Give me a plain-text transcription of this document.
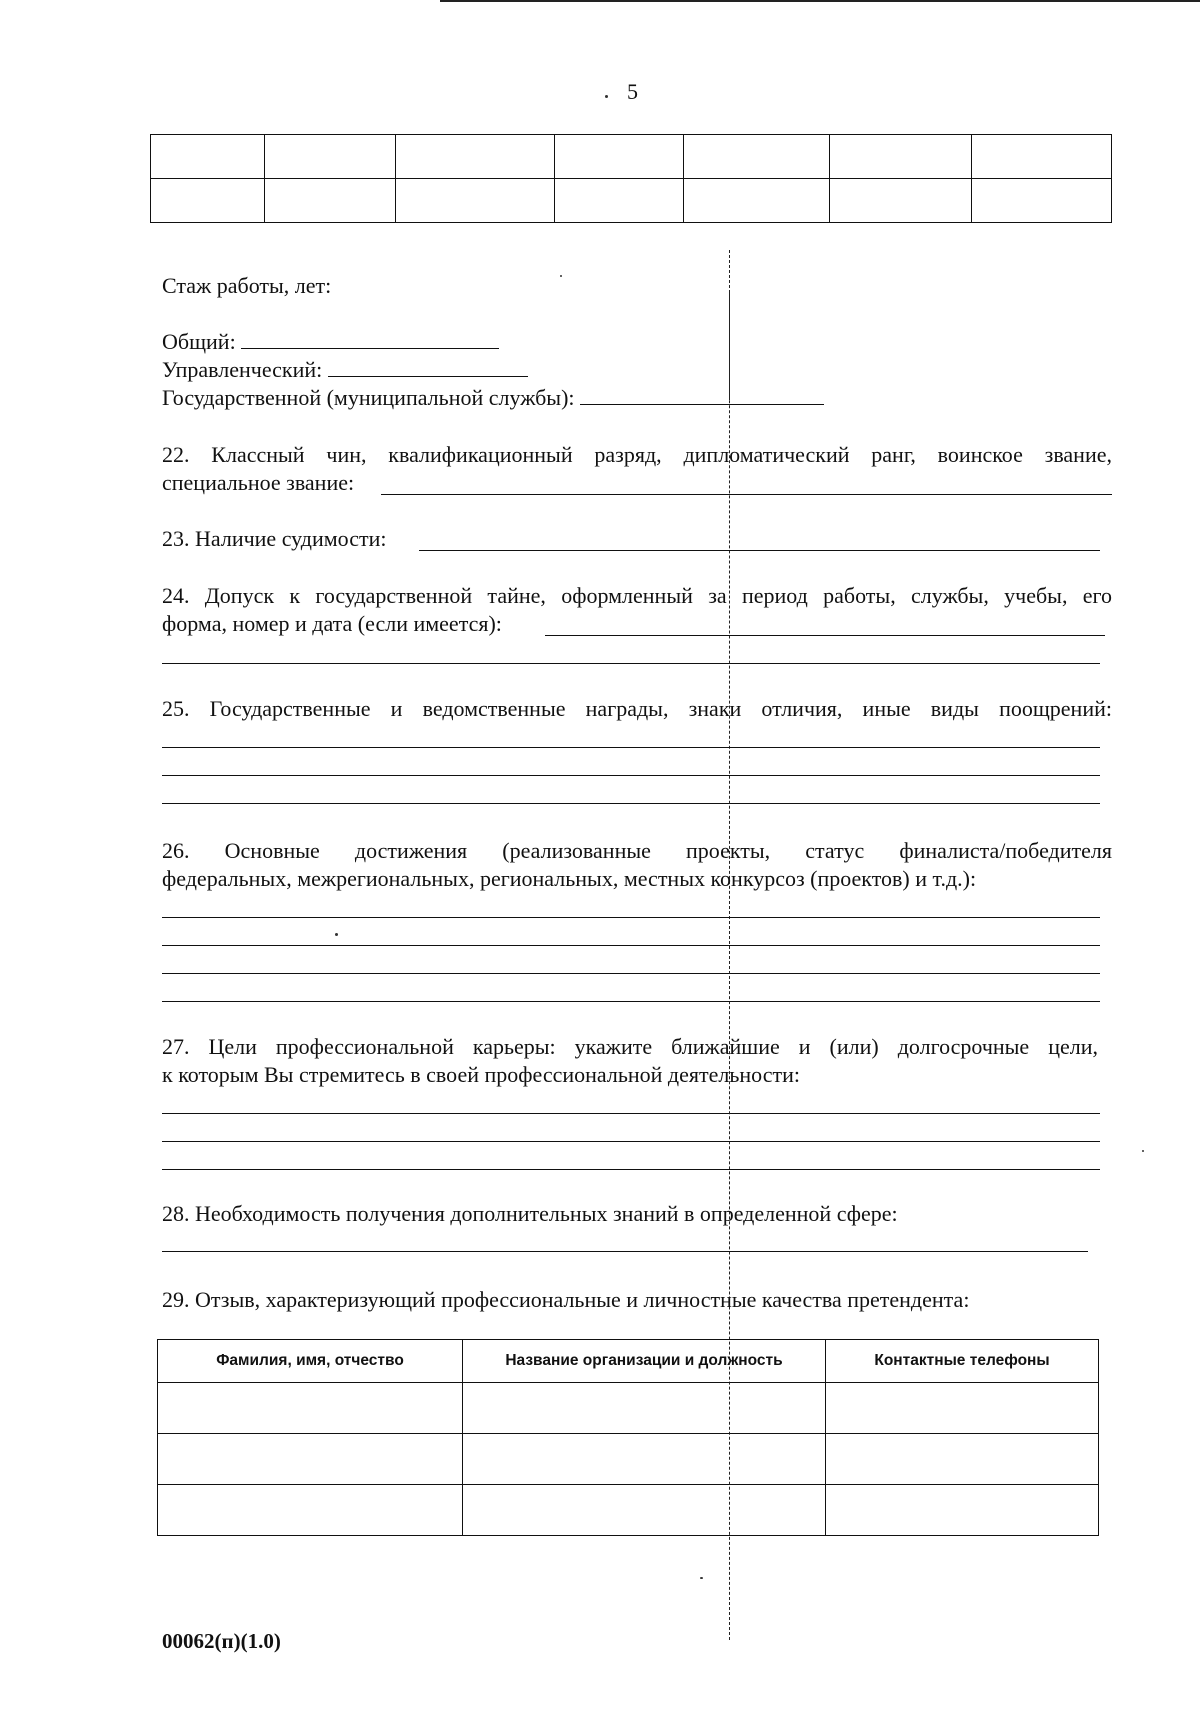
5

Стаж работы, лет:
Общий:
Управленческий:
Государственной (муниципальной службы):
22. Классный чин, квалификационный разряд, дипломатический ранг, воинское звание,
специальное звание:
23. Наличие судимости:
24. Допуск к государственной тайне, оформленный за период работы, службы, учебы, его
форма, номер и дата (если имеется):
25. Государственные и ведомственные награды, знаки отличия, иные виды поощрений:
26. Основные достижения (реализованные проекты, статус финалиста/победителя
федеральных, межрегиональных, региональных, местных конкурсоз (проектов) и т.д.):
27. Цели профессиональной карьеры: укажите ближайшие и (или) долгосрочные цели,
к которым Вы стремитесь в своей профессиональной деятельности:
28. Необходимость получения дополнительных знаний в определенной сфере:
29. Отзыв, характеризующий профессиональные и личностные качества претендента:
Фамилия, имя, отчество	Название организации и должность	Контактные телефоны

00062(п)(1.0)
